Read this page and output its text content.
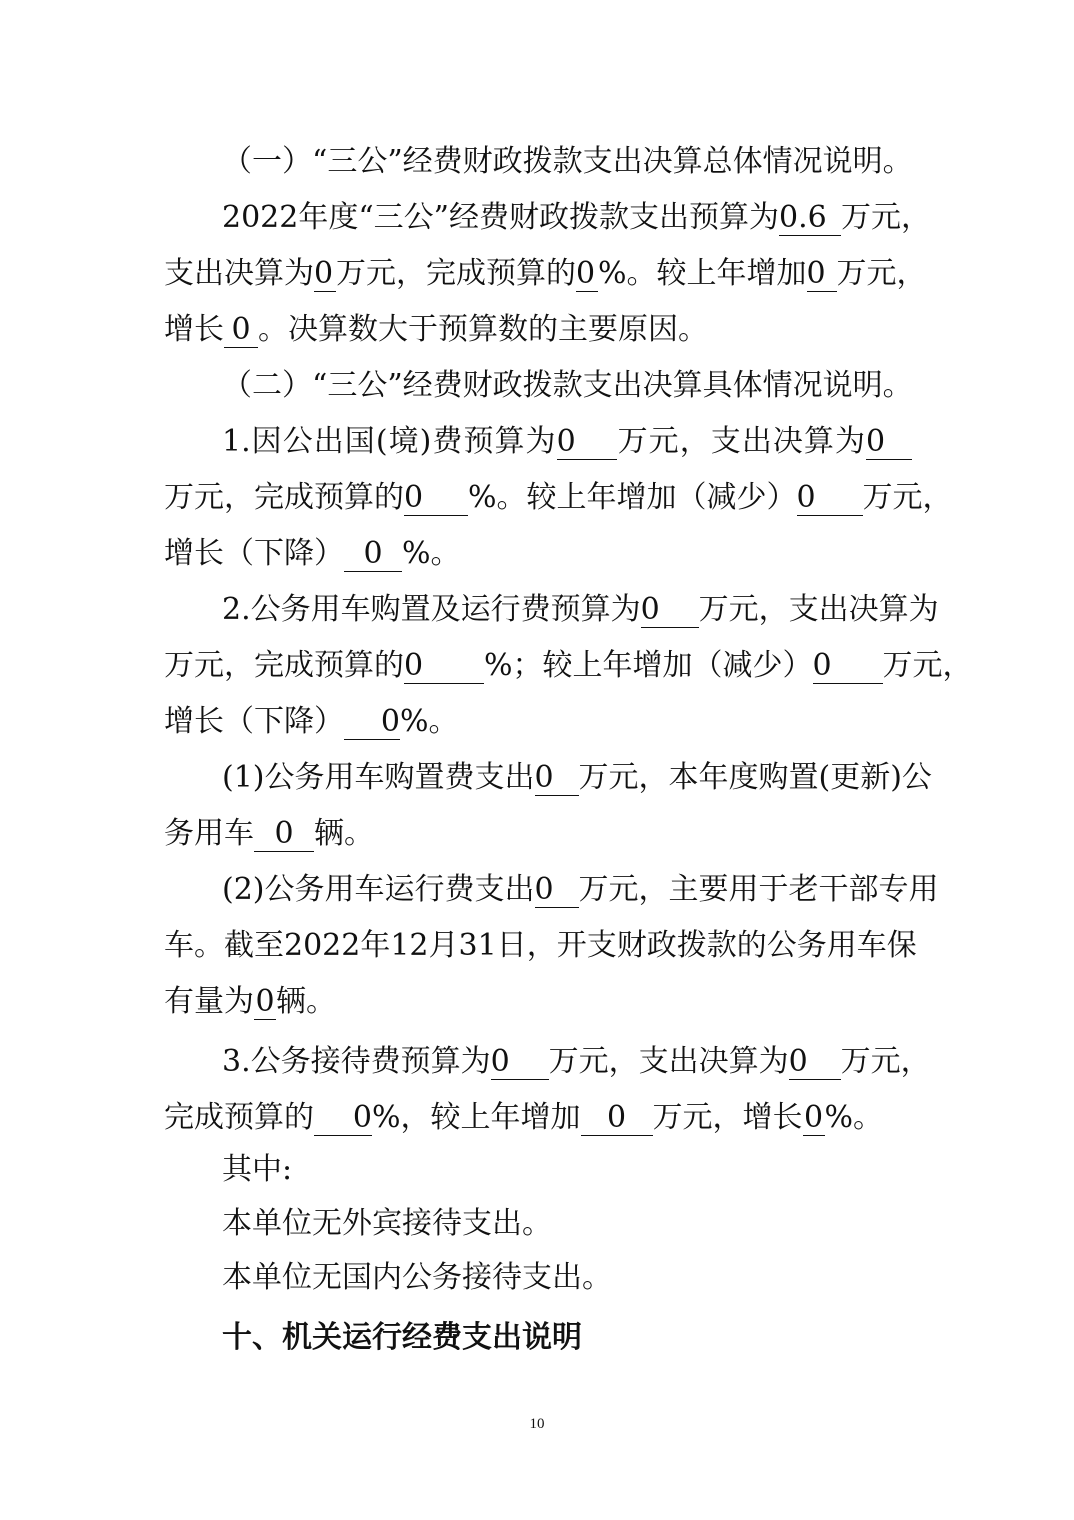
（一）“三公”经费财政拨款支出决算总体情况说明。
2022年度“三公”经费财政拨款支出预算为0.6 万元，
支出决算为0万元，完成预算的0%。较上年增加0 万元，
增长 0 。决算数大于预算数的主要原因。
（二）“三公”经费财政拨款支出决算具体情况说明。
1.因公出国(境)费预算为0 万元，支出决算为0
万元，完成预算的0 %。较上年增加（减少）0 万元，
增长（下降） 0 %。
2.公务用车购置及运行费预算为0 万元，支出决算为
万元，完成预算的0 %；较上年增加（减少）0 万元，
增长（下降） 0%。
(1)公务用车购置费支出0 万元，本年度购置(更新)公
务用车 0 辆。
(2)公务用车运行费支出0 万元，主要用于老干部专用
车。截至2022年12月31日，开支财政拨款的公务用车保
有量为0辆。
3.公务接待费预算为0 万元，支出决算为0 万元，
完成预算的 0%，较上年增加 0 万元，增长0%。
其中:
本单位无外宾接待支出。
本单位无国内公务接待支出。
十、机关运行经费支出说明
10
